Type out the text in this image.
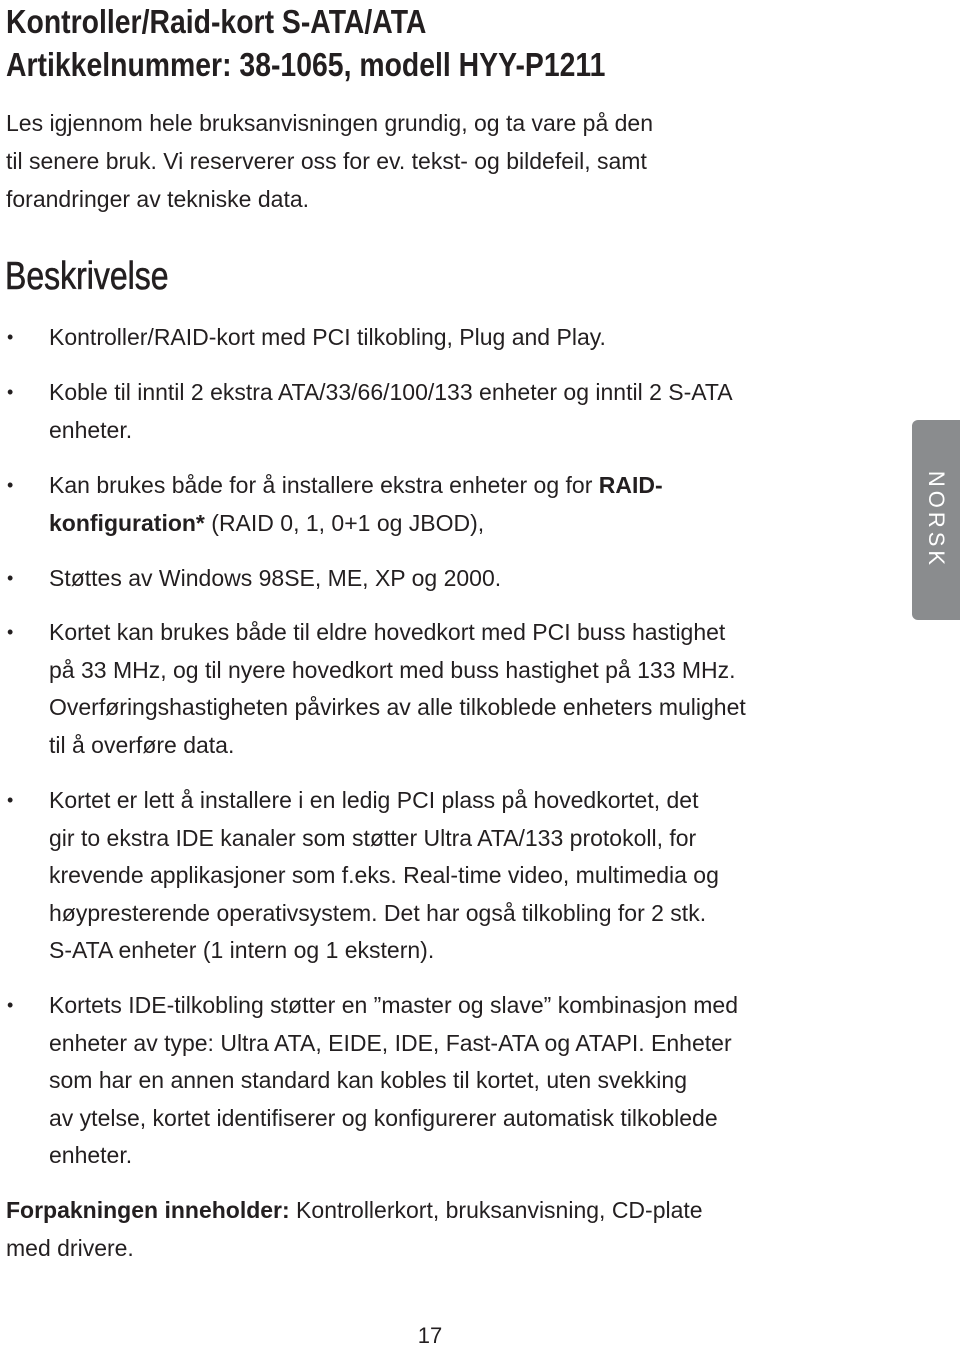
Kontroller/Raid-kort S-ATA/ATA
Artikkelnummer: 38-1065, modell HYY-P1211

Les igjennom hele bruksanvisningen grundig, og ta vare på den
til senere bruk. Vi reserverer oss for ev. tekst- og bildefeil, samt
forandringer av tekniske data.

Beskrivelse
• Kontroller/RAID-kort med PCI tilkobling, Plug and Play.
• Koble til inntil 2 ekstra ATA/33/66/100/133 enheter og inntil 2 S-ATA
enheter.
• Kan brukes både for å installere ekstra enheter og for RAID-
konfiguration* (RAID 0, 1, 0+1 og JBOD),
• Støttes av Windows 98SE, ME, XP og 2000.
• Kortet kan brukes både til eldre hovedkort med PCI buss hastighet
på 33 MHz, og til nyere hovedkort med buss hastighet på 133 MHz.
Overføringshastigheten påvirkes av alle tilkoblede enheters mulighet
til å overføre data.
• Kortet er lett å installere i en ledig PCI plass på hovedkortet, det
gir to ekstra IDE kanaler som støtter Ultra ATA/133 protokoll, for
krevende applikasjoner som f.eks. Real-time video, multimedia og
høypresterende operativsystem. Det har også tilkobling for 2 stk.
S-ATA enheter (1 intern og 1 ekstern).
• Kortets IDE-tilkobling støtter en ”master og slave” kombinasjon med
enheter av type: Ultra ATA, EIDE, IDE, Fast-ATA og ATAPI. Enheter
som har en annen standard kan kobles til kortet, uten svekking
av ytelse, kortet identifiserer og konfigurerer automatisk tilkoblede
enheter.

Forpakningen inneholder: Kontrollerkort, bruksanvisning, CD-plate
med drivere.

17
NORSK
